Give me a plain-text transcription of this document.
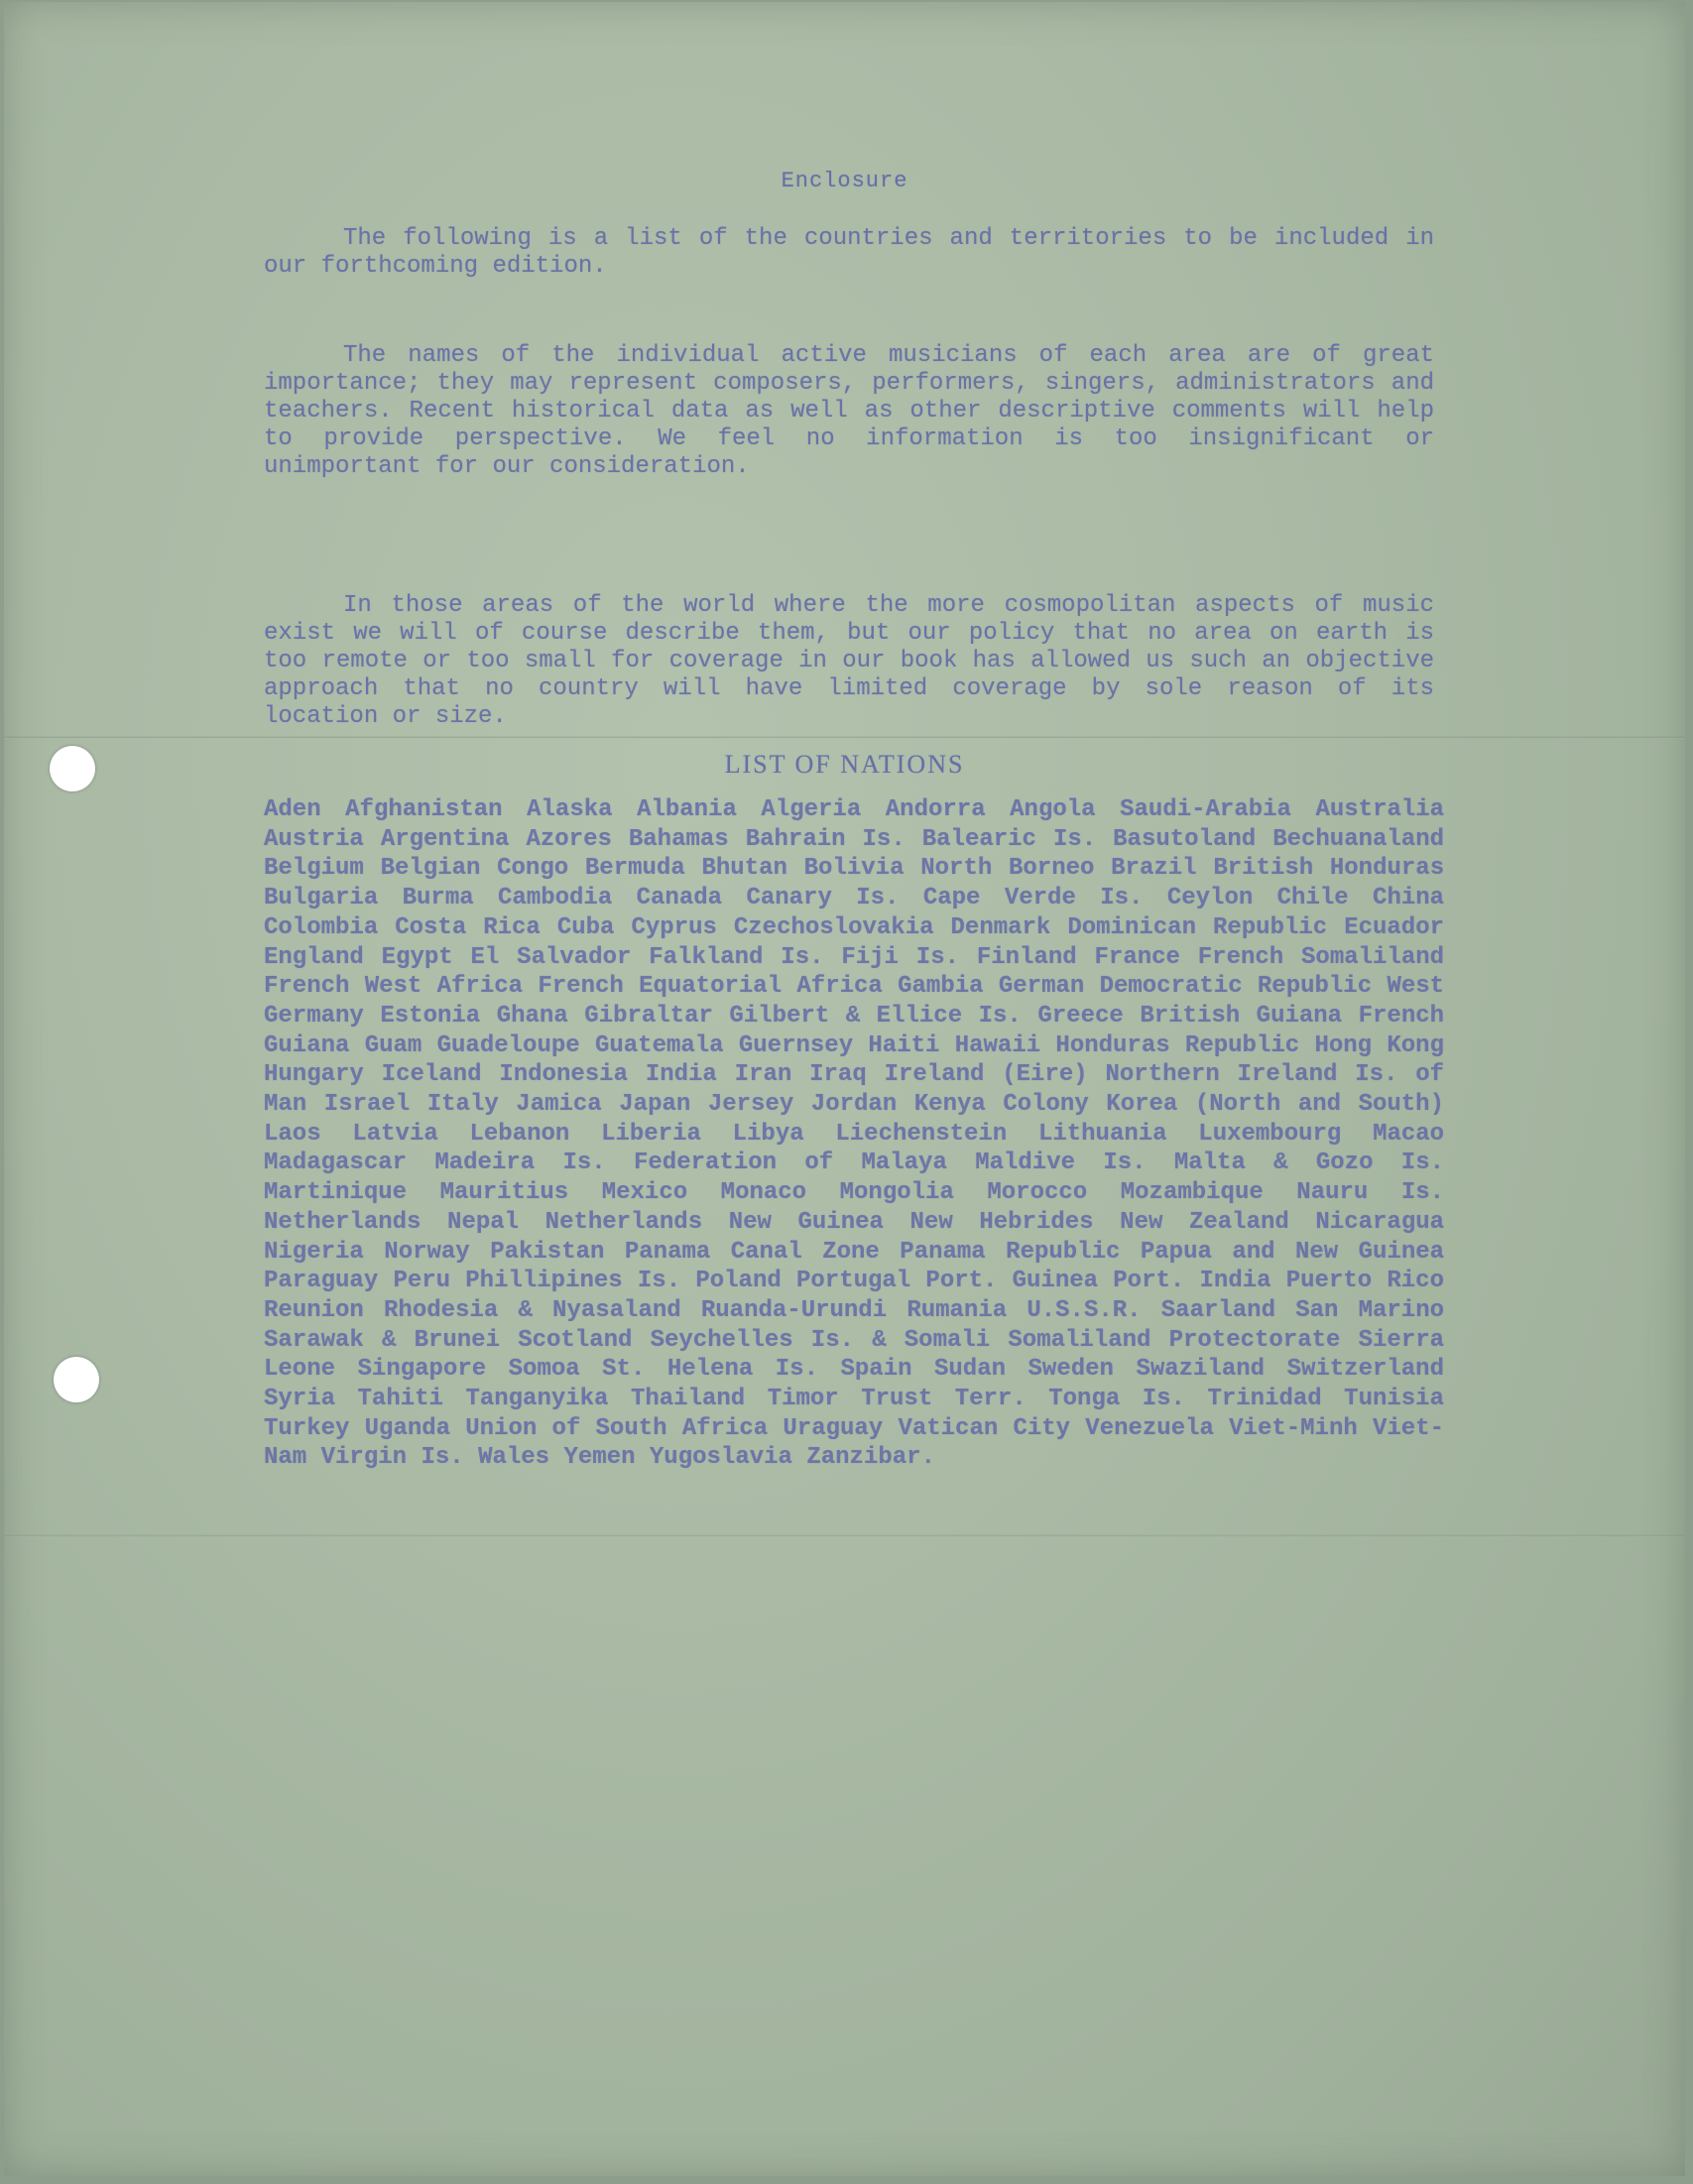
Enclosure

The following is a list of the countries and territories to be included in our forthcoming edition.

The names of the individual active musicians of each area are of great importance; they may represent composers, performers, singers, administrators and teachers. Recent historical data as well as other descriptive comments will help to provide perspective. We feel no information is too insignificant or unimportant for our consideration.

In those areas of the world where the more cosmopolitan aspects of music exist we will of course describe them, but our policy that no area on earth is too remote or too small for coverage in our book has allowed us such an objective approach that no country will have limited coverage by sole reason of its location or size.

LIST OF NATIONS

Aden Afghanistan Alaska Albania Algeria Andorra Angola Saudi-Arabia Australia Austria Argentina Azores Bahamas Bahrain Is. Balearic Is. Basutoland Bechuanaland Belgium Belgian Congo Bermuda Bhutan Bolivia North Borneo Brazil British Honduras Bulgaria Burma Cambodia Canada Canary Is. Cape Verde Is. Ceylon Chile China Colombia Costa Rica Cuba Cyprus Czechoslovakia Denmark Dominican Republic Ecuador England Egypt El Salvador Falkland Is. Fiji Is. Finland France French Somaliland French West Africa French Equatorial Africa Gambia German Democratic Republic West Germany Estonia Ghana Gibraltar Gilbert & Ellice Is. Greece British Guiana French Guiana Guam Guadeloupe Guatemala Guernsey Haiti Hawaii Honduras Republic Hong Kong Hungary Iceland Indonesia India Iran Iraq Ireland (Eire) Northern Ireland Is. of Man Israel Italy Jamica Japan Jersey Jordan Kenya Colony Korea (North and South) Laos Latvia Lebanon Liberia Libya Liechenstein Lithuania Luxembourg Macao Madagascar Madeira Is. Federation of Malaya Maldive Is. Malta & Gozo Is. Martinique Mauritius Mexico Monaco Mongolia Morocco Mozambique Nauru Is. Netherlands Nepal Netherlands New Guinea New Hebrides New Zealand Nicaragua Nigeria Norway Pakistan Panama Canal Zone Panama Republic Papua and New Guinea Paraguay Peru Phillipines Is. Poland Portugal Port. Guinea Port. India Puerto Rico Reunion Rhodesia & Nyasaland Ruanda-Urundi Rumania U.S.S.R. Saarland San Marino Sarawak & Brunei Scotland Seychelles Is. & Somali Somaliland Protectorate Sierra Leone Singapore Somoa St. Helena Is. Spain Sudan Sweden Swaziland Switzerland Syria Tahiti Tanganyika Thailand Timor Trust Terr. Tonga Is. Trinidad Tunisia Turkey Uganda Union of South Africa Uraguay Vatican City Venezuela Viet-Minh Viet-Nam Virgin Is. Wales Yemen Yugoslavia Zanzibar.
